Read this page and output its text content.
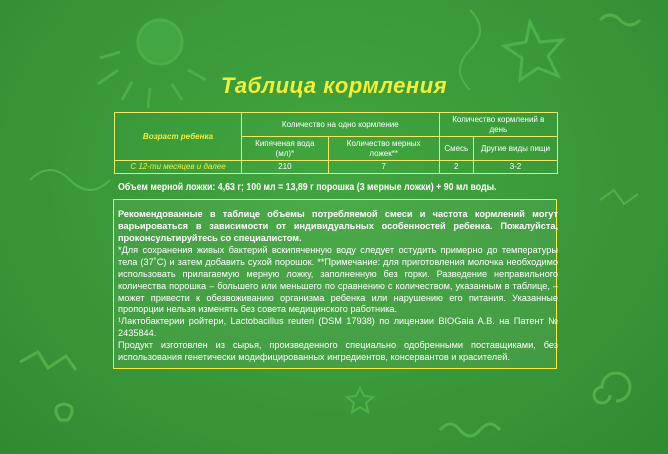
Таблица кормления
Возраст ребенка	Количество на одно кормление		Количество кормлений в день	
	Кипяченая вода (мл)*	Количество мерных ложек**	Смесь	Другие виды пищи
С 12-ти месяцев и далее	210	7	2	3-2
Объем мерной ложки: 4,63 г; 100 мл = 13,89 г порошка (3 мерные ложки) + 90 мл воды.

Рекомендованные в таблице объемы потребляемой смеси и частота кормлений могут варьироваться в зависимости от индивидуальных особенностей ребенка. Пожалуйста, проконсультируйтесь со специалистом.

*Для сохранения живых бактерий вскипяченную воду следует остудить примерно до температуры тела (37˚C) и затем добавить сухой порошок. **Примечание: для приготовления молочка необходимо использовать прилагаемую мерную ложку, заполненную без горки. Разведение неправильного количества порошка – большего или меньшего по сравнению с количеством, указанным в таблице, – может привести к обезвоживанию организма ребенка или нарушению его питания. Указанные пропорции нельзя изменять без совета медицинского работника.

¹Лактобактерии ройтери, Lactobacillus reuteri (DSM 17938) по лицензии BIOGaia A.B. на Патент № 2435844.

Продукт изготовлен из сырья, произведенного специально одобренными поставщиками, без использования генетически модифицированных ингредиентов, консервантов и красителей.
